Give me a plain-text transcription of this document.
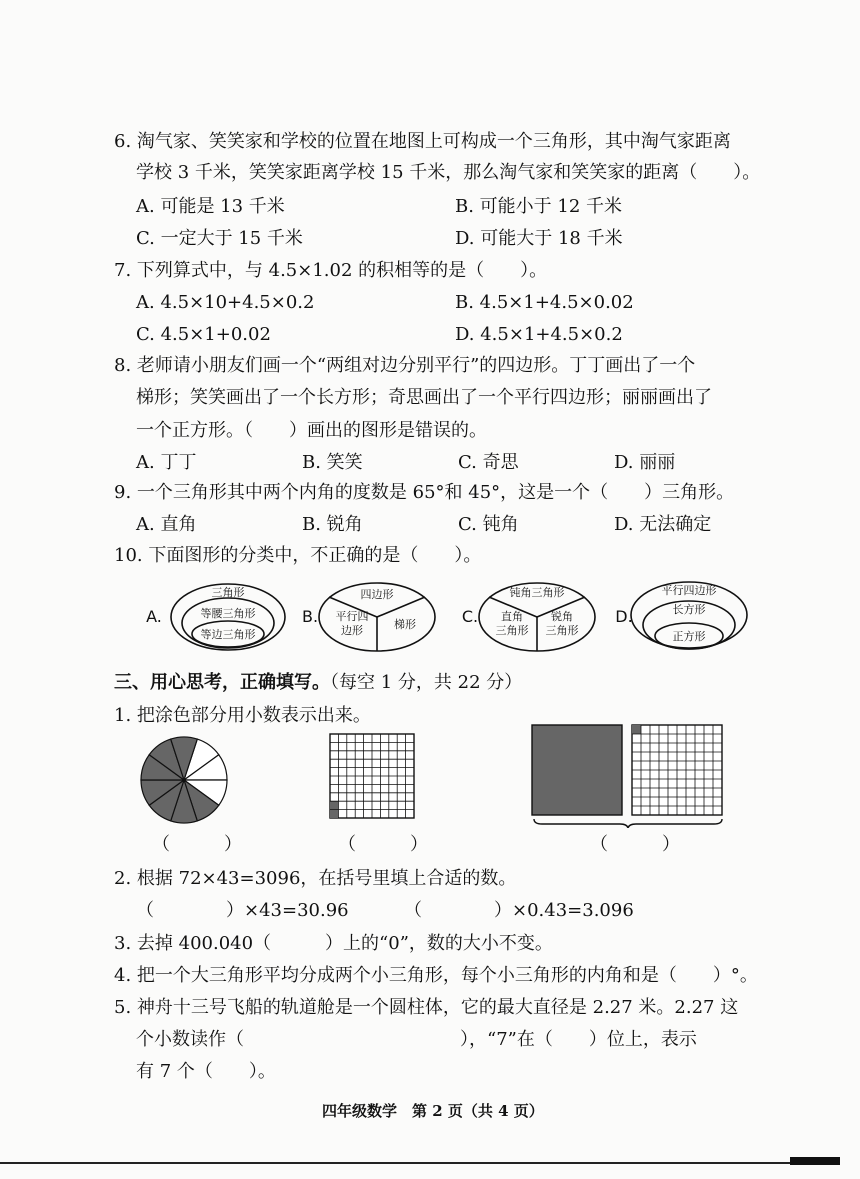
6. 淘气家、笑笑家和学校的位置在地图上可构成一个三角形，其中淘气家距离
学校 3 千米，笑笑家距离学校 15 千米，那么淘气家和笑笑家的距离（　　）。
A. 可能是 13 千米	B. 可能小于 12 千米
C. 一定大于 15 千米	D. 可能大于 18 千米
7. 下列算式中，与 4.5×1.02 的积相等的是（　　）。
A. 4.5×10+4.5×0.2	B. 4.5×1+4.5×0.02
C. 4.5×1+0.02	D. 4.5×1+4.5×0.2
8. 老师请小朋友们画一个“两组对边分别平行”的四边形。丁丁画出了一个
梯形；笑笑画出了一个长方形；奇思画出了一个平行四边形；丽丽画出了
一个正方形。（　　）画出的图形是错误的。
A. 丁丁	B. 笑笑	C. 奇思	D. 丽丽
9. 一个三角形其中两个内角的度数是 65°和 45°，这是一个（　　）三角形。
A. 直角	B. 锐角	C. 钝角	D. 无法确定
10. 下面图形的分类中，不正确的是（　　）。
A.
三角形
等腰三角形
等边三角形
B.
四边形
平行四
边形	梯形	C.
钝角三角形
直角
三角形
锐角
三角形
D.
平行四边形
长方形
正方形
三、用心思考，正确填写。（每空 1 分，共 22 分）
1. 把涂色部分用小数表示出来。
（　　　）	（　　　）	（　　　）
2. 根据 72×43=3096，在括号里填上合适的数。
（　　　　）×43=30.96	（　　　　）×0.43=3.096
3. 去掉 400.040（　　　）上的“0”，数的大小不变。
4. 把一个大三角形平均分成两个小三角形，每个小三角形的内角和是（　　）°。
5. 神舟十三号飞船的轨道舱是一个圆柱体，它的最大直径是 2.27 米。2.27 这
个小数读作（　　　　　　　　　　　　），“7”在（　　）位上，表示
有 7 个（　　）。
四年级数学　第 2 页（共 4 页）
